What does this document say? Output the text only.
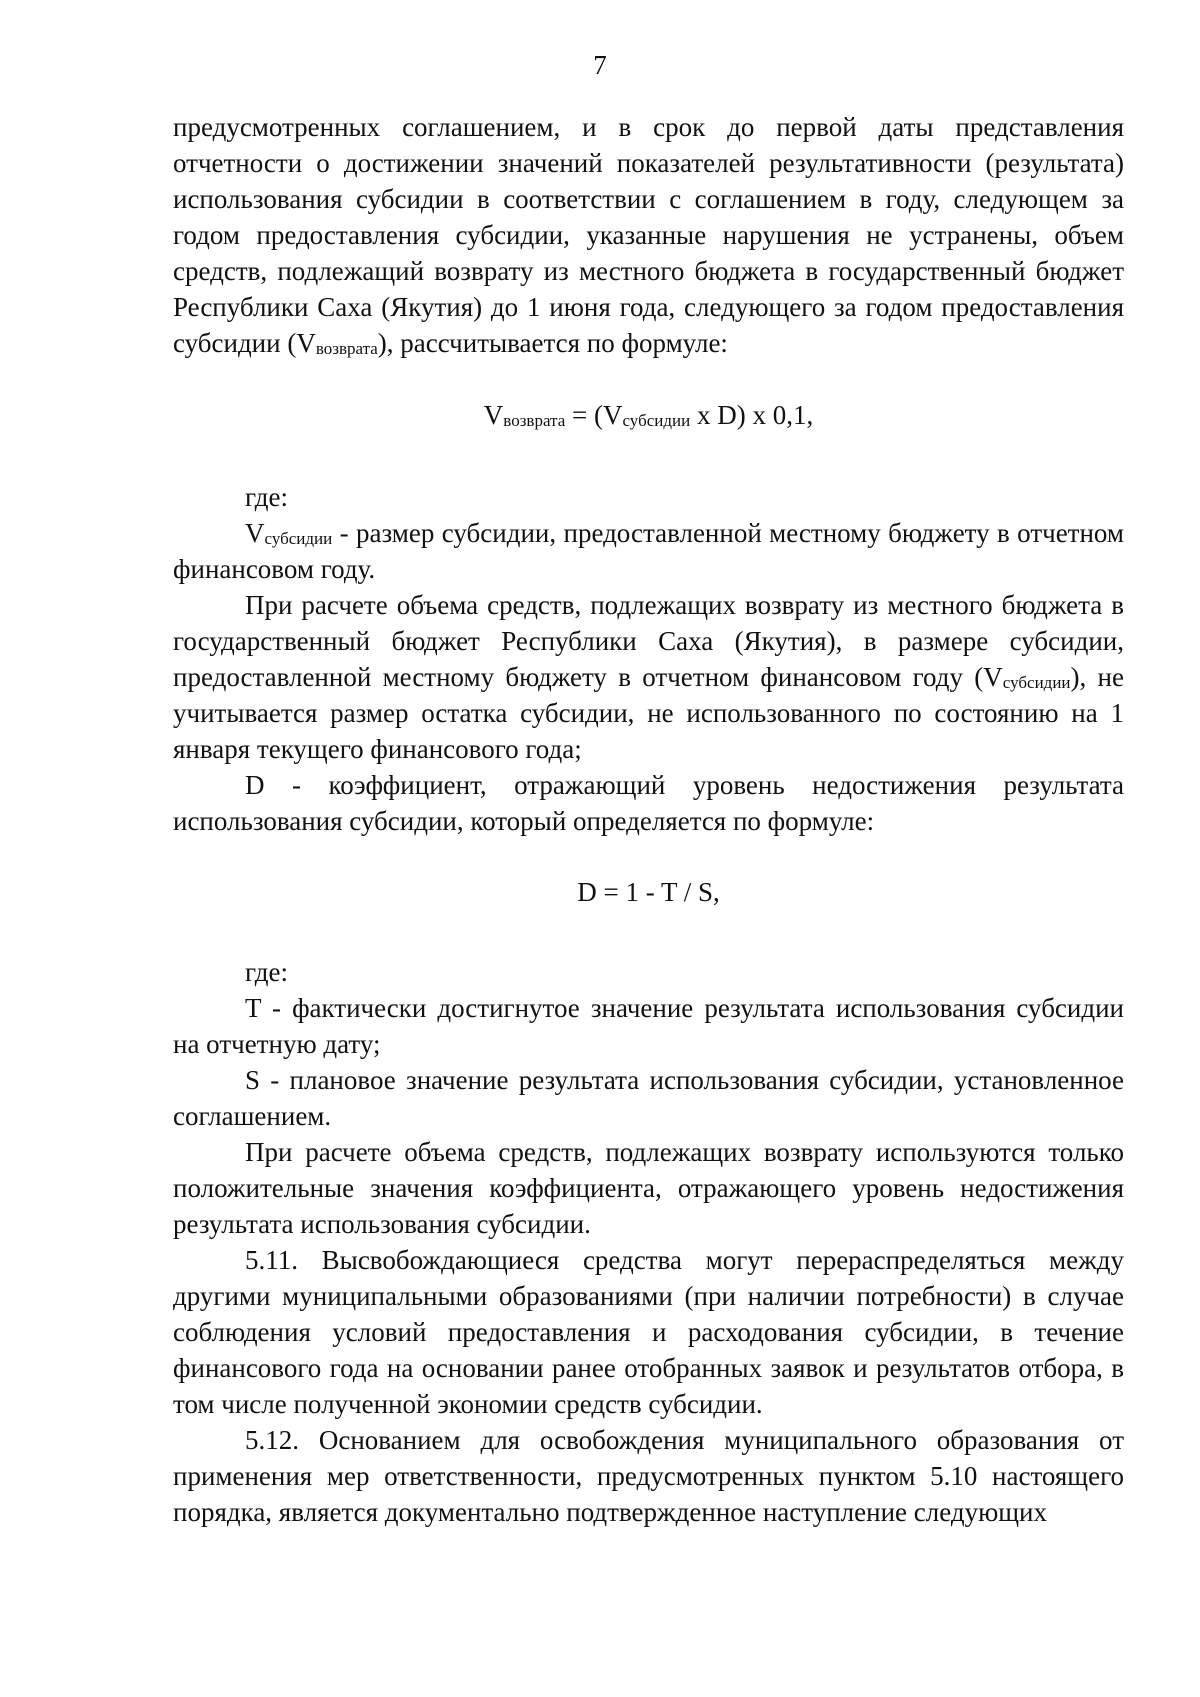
7

предусмотренных соглашением, и в срок до первой даты представления отчетности о достижении значений показателей результативности (результата) использования субсидии в соответствии с соглашением в году, следующем за годом предоставления субсидии, указанные нарушения не устранены, объем средств, подлежащий возврату из местного бюджета в государственный бюджет Республики Саха (Якутия) до 1 июня года, следующего за годом предоставления субсидии $(V_{возврата})$, рассчитывается по формуле:

$V_{возврата} = (V_{субсидии}$ x D) x 0,1,

где:

$V_{субсидии}$ - размер субсидии, предоставленной местному бюджету в отчетном финансовом году.

При расчете объема средств, подлежащих возврату из местного бюджета в государственный бюджет Республики Саха (Якутия), в размере субсидии, предоставленной местному бюджету в отчетном финансовом году $(V_{субсидии})$, не учитывается размер остатка субсидии, не использованного по состоянию на 1 января текущего финансового года;

D - коэффициент, отражающий уровень недостижения результата использования субсидии, который определяется по формуле:

D = 1 - T / S,

где:

T - фактически достигнутое значение результата использования субсидии на отчетную дату;

S - плановое значение результата использования субсидии, установленное соглашением.

При расчете объема средств, подлежащих возврату используются только положительные значения коэффициента, отражающего уровень недостижения результата использования субсидии.

5.11. Высвобождающиеся средства могут перераспределяться между другими муниципальными образованиями (при наличии потребности) в случае соблюдения условий предоставления и расходования субсидии, в течение финансового года на основании ранее отобранных заявок и результатов отбора, в том числе полученной экономии средств субсидии.

5.12. Основанием для освобождения муниципального образования от применения мер ответственности, предусмотренных пунктом 5.10 настоящего порядка, является документально подтвержденное наступление следующих
